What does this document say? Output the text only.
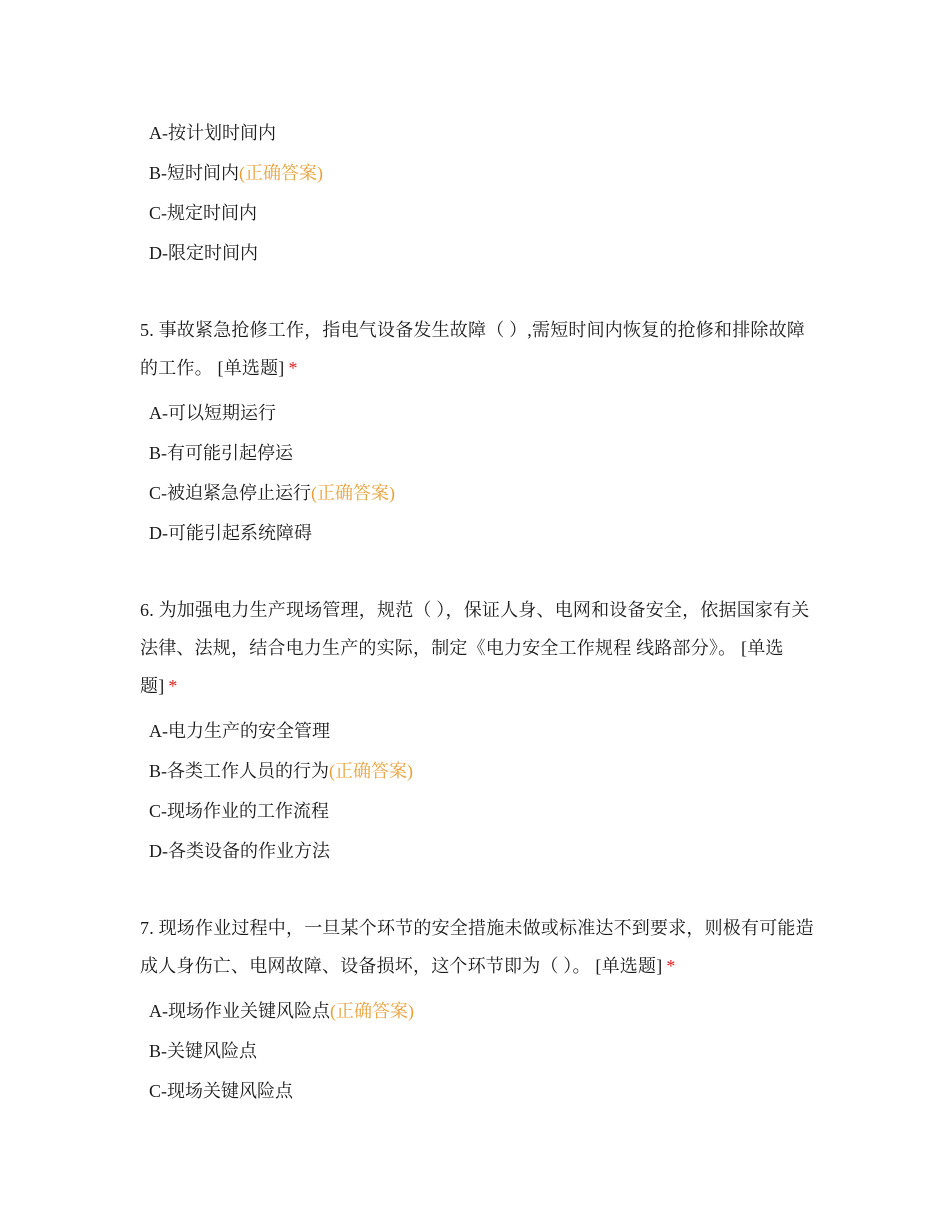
A-按计划时间内
B-短时间内(正确答案)
C-规定时间内
D-限定时间内

5. 事故紧急抢修工作，指电气设备发生故障（ ）,需短时间内恢复的抢修和排除故障的工作。 [单选题] *

A-可以短期运行
B-有可能引起停运
C-被迫紧急停止运行(正确答案)
D-可能引起系统障碍

6. 为加强电力生产现场管理，规范（ ），保证人身、电网和设备安全，依据国家有关法律、法规，结合电力生产的实际，制定《电力安全工作规程 线路部分》。 [单选题] *

A-电力生产的安全管理
B-各类工作人员的行为(正确答案)
C-现场作业的工作流程
D-各类设备的作业方法

7. 现场作业过程中，一旦某个环节的安全措施未做或标准达不到要求，则极有可能造成人身伤亡、电网故障、设备损坏，这个环节即为（ ）。 [单选题] *

A-现场作业关键风险点(正确答案)
B-关键风险点
C-现场关键风险点
